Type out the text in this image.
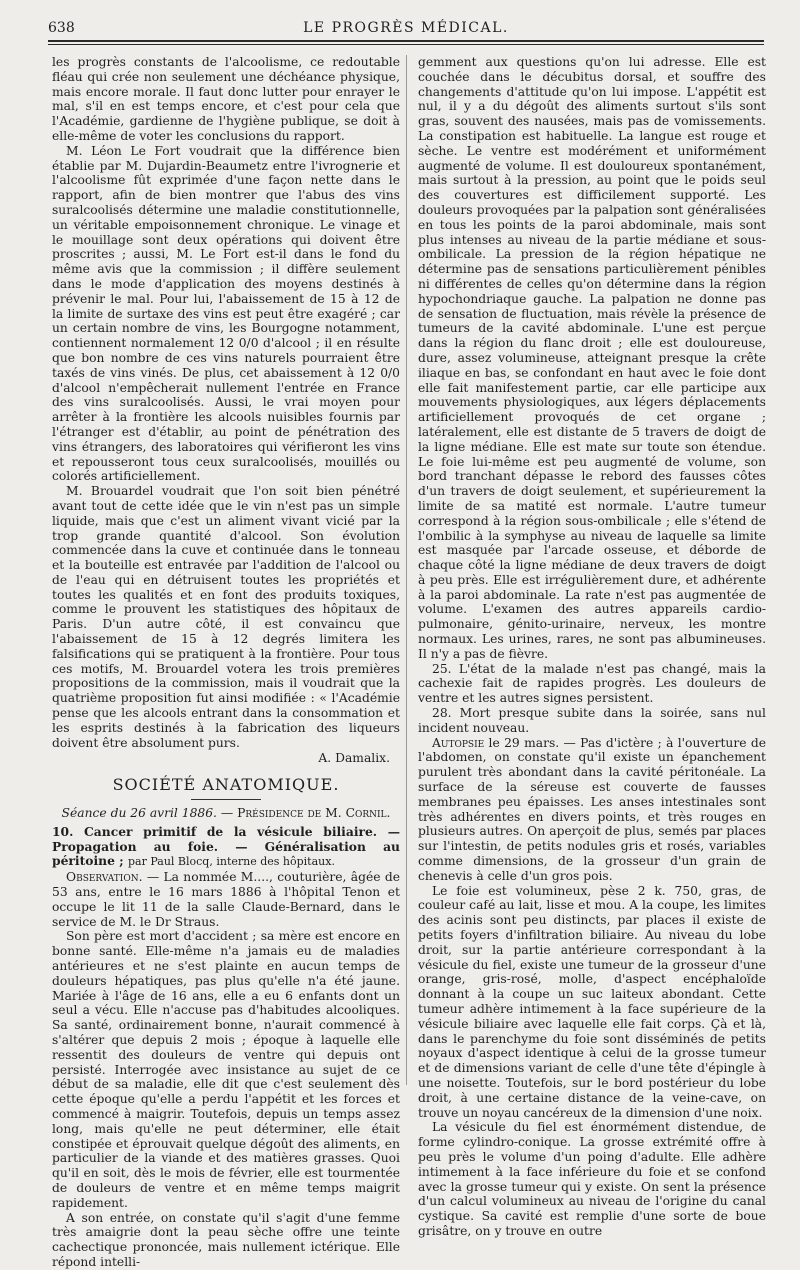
638	LE PROGRÈS MÉDICAL.

les progrès constants de l'alcoolisme, ce redoutable fléau qui crée non seulement une déchéance physique, mais encore morale. Il faut donc lutter pour enrayer le mal, s'il en est temps encore, et c'est pour cela que l'Académie, gardienne de l'hygiène publique, se doit à elle-même de voter les conclusions du rapport.

M. Léon Le Fort voudrait que la différence bien établie par M. Dujardin-Beaumetz entre l'ivrognerie et l'alcoolisme fût exprimée d'une façon nette dans le rapport, afin de bien montrer que l'abus des vins suralcoolisés détermine une maladie constitutionnelle, un véritable empoisonnement chronique. Le vinage et le mouillage sont deux opérations qui doivent être proscrites ; aussi, M. Le Fort est-il dans le fond du même avis que la commission ; il diffère seulement dans le mode d'application des moyens destinés à prévenir le mal. Pour lui, l'abaissement de 15 à 12 de la limite de surtaxe des vins est peut être exagéré ; car un certain nombre de vins, les Bourgogne notamment, contiennent normalement 12 0/0 d'alcool ; il en résulte que bon nombre de ces vins naturels pourraient être taxés de vins vinés. De plus, cet abaissement à 12 0/0 d'alcool n'empêcherait nullement l'entrée en France des vins suralcoolisés. Aussi, le vrai moyen pour arrêter à la frontière les alcools nuisibles fournis par l'étranger est d'établir, au point de pénétration des vins étrangers, des laboratoires qui vérifieront les vins et repousseront tous ceux suralcoolisés, mouillés ou colorés artificiellement.

M. Brouardel voudrait que l'on soit bien pénétré avant tout de cette idée que le vin n'est pas un simple liquide, mais que c'est un aliment vivant vicié par la trop grande quantité d'alcool. Son évolution commencée dans la cuve et continuée dans le tonneau et la bouteille est entravée par l'addition de l'alcool ou de l'eau qui en détruisent toutes les propriétés et toutes les qualités et en font des produits toxiques, comme le prouvent les statistiques des hôpitaux de Paris. D'un autre côté, il est convaincu que l'abaissement de 15 à 12 degrés limitera les falsifications qui se pratiquent à la frontière. Pour tous ces motifs, M. Brouardel votera les trois premières propositions de la commission, mais il voudrait que la quatrième proposition fut ainsi modifiée : « l'Académie pense que les alcools entrant dans la consommation et les esprits destinés à la fabrication des liqueurs doivent être absolument purs.

A. Damalix.

SOCIÉTÉ ANATOMIQUE.

Séance du 26 avril 1886. — Présidence de M. Cornil.

10. Cancer primitif de la vésicule biliaire. — Propagation au foie. — Généralisation au péritoine ; par Paul Blocq, interne des hôpitaux.

Observation. — La nommée M...., couturière, âgée de 53 ans, entre le 16 mars 1886 à l'hôpital Tenon et occupe le lit 11 de la salle Claude-Bernard, dans le service de M. le Dr Straus.

Son père est mort d'accident ; sa mère est encore en bonne santé. Elle-même n'a jamais eu de maladies antérieures et ne s'est plainte en aucun temps de douleurs hépatiques, pas plus qu'elle n'a été jaune. Mariée à l'âge de 16 ans, elle a eu 6 enfants dont un seul a vécu. Elle n'accuse pas d'habitudes alcooliques. Sa santé, ordinairement bonne, n'aurait commencé à s'altérer que depuis 2 mois ; époque à laquelle elle ressentit des douleurs de ventre qui depuis ont persisté. Interrogée avec insistance au sujet de ce début de sa maladie, elle dit que c'est seulement dès cette époque qu'elle a perdu l'appétit et les forces et commencé à maigrir. Toutefois, depuis un temps assez long, mais qu'elle ne peut déterminer, elle était constipée et éprouvait quelque dégoût des aliments, en particulier de la viande et des matières grasses. Quoi qu'il en soit, dès le mois de février, elle est tourmentée de douleurs de ventre et en même temps maigrit rapidement.

A son entrée, on constate qu'il s'agit d'une femme très amaigrie dont la peau sèche offre une teinte cachectique prononcée, mais nullement ictérique. Elle répond intelli-

gemment aux questions qu'on lui adresse. Elle est couchée dans le décubitus dorsal, et souffre des changements d'attitude qu'on lui impose. L'appétit est nul, il y a du dégoût des aliments surtout s'ils sont gras, souvent des nausées, mais pas de vomissements. La constipation est habituelle. La langue est rouge et sèche. Le ventre est modérément et uniformément augmenté de volume. Il est douloureux spontanément, mais surtout à la pression, au point que le poids seul des couvertures est difficilement supporté. Les douleurs provoquées par la palpation sont généralisées en tous les points de la paroi abdominale, mais sont plus intenses au niveau de la partie médiane et sous-ombilicale. La pression de la région hépatique ne détermine pas de sensations particulièrement pénibles ni différentes de celles qu'on détermine dans la région hypochondriaque gauche. La palpation ne donne pas de sensation de fluctuation, mais révèle la présence de tumeurs de la cavité abdominale. L'une est perçue dans la région du flanc droit ; elle est douloureuse, dure, assez volumineuse, atteignant presque la crête iliaque en bas, se confondant en haut avec le foie dont elle fait manifestement partie, car elle participe aux mouvements physiologiques, aux légers déplacements artificiellement provoqués de cet organe ; latéralement, elle est distante de 5 travers de doigt de la ligne médiane. Elle est mate sur toute son étendue. Le foie lui-même est peu augmenté de volume, son bord tranchant dépasse le rebord des fausses côtes d'un travers de doigt seulement, et supérieurement la limite de sa matité est normale. L'autre tumeur correspond à la région sous-ombilicale ; elle s'étend de l'ombilic à la symphyse au niveau de laquelle sa limite est masquée par l'arcade osseuse, et déborde de chaque côté la ligne médiane de deux travers de doigt à peu près. Elle est irrégulièrement dure, et adhérente à la paroi abdominale. La rate n'est pas augmentée de volume. L'examen des autres appareils cardio-pulmonaire, génito-urinaire, nerveux, les montre normaux. Les urines, rares, ne sont pas albumineuses. Il n'y a pas de fièvre.

25. L'état de la malade n'est pas changé, mais la cachexie fait de rapides progrès. Les douleurs de ventre et les autres signes persistent.

28. Mort presque subite dans la soirée, sans nul incident nouveau.

Autopsie le 29 mars. — Pas d'ictère ; à l'ouverture de l'abdomen, on constate qu'il existe un épanchement purulent très abondant dans la cavité péritonéale. La surface de la séreuse est couverte de fausses membranes peu épaisses. Les anses intestinales sont très adhérentes en divers points, et très rouges en plusieurs autres. On aperçoit de plus, semés par places sur l'intestin, de petits nodules gris et rosés, variables comme dimensions, de la grosseur d'un grain de chenevis à celle d'un gros pois.

Le foie est volumineux, pèse 2 k. 750, gras, de couleur café au lait, lisse et mou. A la coupe, les limites des acinis sont peu distincts, par places il existe de petits foyers d'infiltration biliaire. Au niveau du lobe droit, sur la partie antérieure correspondant à la vésicule du fiel, existe une tumeur de la grosseur d'une orange, gris-rosé, molle, d'aspect encéphaloïde donnant à la coupe un suc laiteux abondant. Cette tumeur adhère intimement à la face supérieure de la vésicule biliaire avec laquelle elle fait corps. Çà et là, dans le parenchyme du foie sont disséminés de petits noyaux d'aspect identique à celui de la grosse tumeur et de dimensions variant de celle d'une tête d'épingle à une noisette. Toutefois, sur le bord postérieur du lobe droit, à une certaine distance de la veine-cave, on trouve un noyau cancéreux de la dimension d'une noix.

La vésicule du fiel est énormément distendue, de forme cylindro-conique. La grosse extrémité offre à peu près le volume d'un poing d'adulte. Elle adhère intimement à la face inférieure du foie et se confond avec la grosse tumeur qui y existe. On sent la présence d'un calcul volumineux au niveau de l'origine du canal cystique. Sa cavité est remplie d'une sorte de boue grisâtre, on y trouve en outre
